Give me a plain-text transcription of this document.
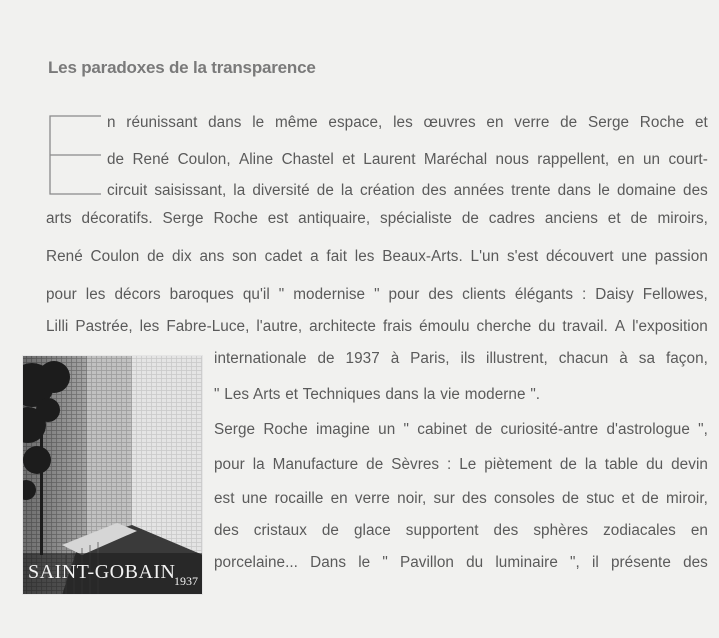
Les paradoxes de la transparence
n réunissant dans le même espace, les œuvres en verre de Serge Roche et
de René Coulon, Aline Chastel et Laurent Maréchal nous rappellent, en un court-
circuit saisissant, la diversité de la création des années trente dans le domaine des
arts décoratifs. Serge Roche est antiquaire, spécialiste de cadres anciens et de miroirs,
René Coulon de dix ans son cadet a fait les Beaux-Arts. L'un s'est découvert une passion
pour les décors baroques qu'il " modernise " pour des clients élégants : Daisy Fellowes,
Lilli Pastrée, les Fabre-Luce, l'autre, architecte frais émoulu cherche du travail. A l'exposition
internationale de 1937 à Paris, ils illustrent, chacun à sa façon,
" Les Arts et Techniques dans la vie moderne ".
Serge Roche imagine un " cabinet de curiosité-antre d'astrologue ",
pour la Manufacture de Sèvres : Le piètement de la table du devin
est une rocaille en verre noir, sur des consoles de stuc et de miroir,
des cristaux de glace supportent des sphères zodiacales en
porcelaine... Dans le " Pavillon du luminaire ", il présente des
SAINT-GOBAIN
1937
